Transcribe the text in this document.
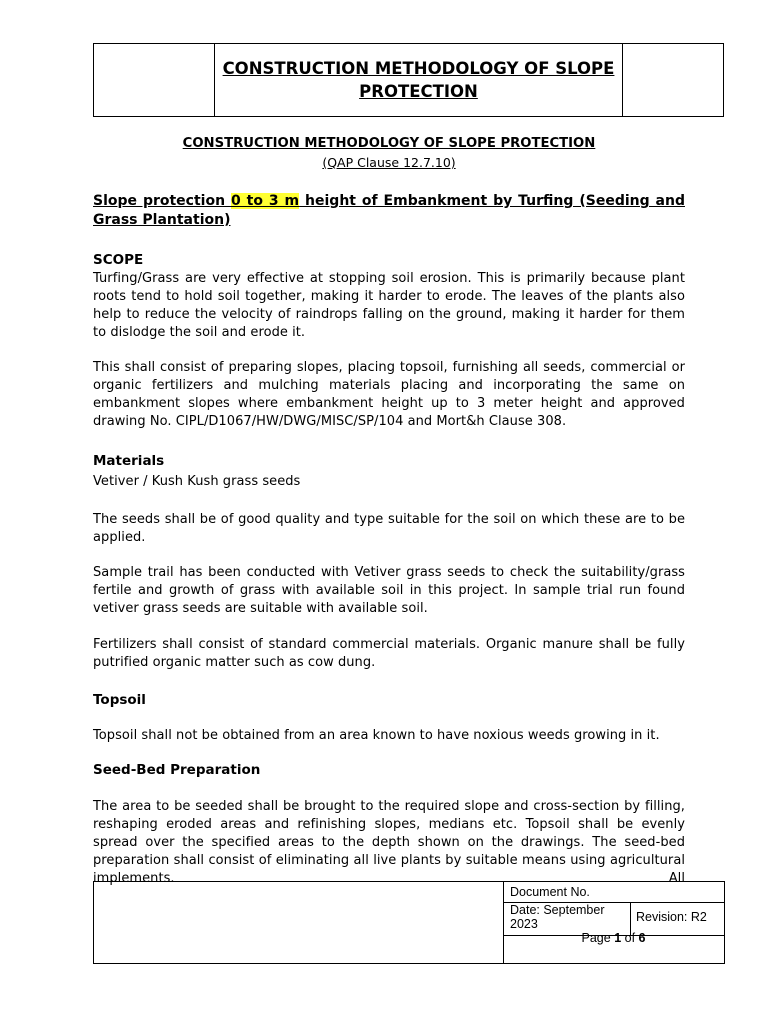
CONSTRUCTION METHODOLOGY OF SLOPE PROTECTION
CONSTRUCTION METHODOLOGY OF SLOPE PROTECTION
(QAP Clause 12.7.10)
Slope protection 0 to 3 m height of Embankment by Turfing (Seeding and Grass Plantation)
SCOPE
Turfing/Grass are very effective at stopping soil erosion. This is primarily because plant roots tend to hold soil together, making it harder to erode. The leaves of the plants also help to reduce the velocity of raindrops falling on the ground, making it harder for them to dislodge the soil and erode it.
This shall consist of preparing slopes, placing topsoil, furnishing all seeds, commercial or organic fertilizers and mulching materials placing and incorporating the same on embankment slopes where embankment height up to 3 meter height and approved drawing No. CIPL/D1067/HW/DWG/MISC/SP/104 and Mort&h Clause 308.
Materials
Vetiver / Kush Kush grass seeds
The seeds shall be of good quality and type suitable for the soil on which these are to be applied.
Sample trail has been conducted with Vetiver grass seeds to check the suitability/grass fertile and growth of grass with available soil in this project. In sample trial run found vetiver grass seeds are suitable with available soil.
Fertilizers shall consist of standard commercial materials. Organic manure shall be fully putrified organic matter such as cow dung.
Topsoil
Topsoil shall not be obtained from an area known to have noxious weeds growing in it.
Seed-Bed Preparation
The area to be seeded shall be brought to the required slope and cross-section by filling, reshaping eroded areas and refinishing slopes, medians etc. Topsoil shall be evenly spread over the specified areas to the depth shown on the drawings. The seed-bed preparation shall consist of eliminating all live plants by suitable means using agricultural implements. All
Document No.
Date: September 2023	Revision: R2
Page 1 of 6
